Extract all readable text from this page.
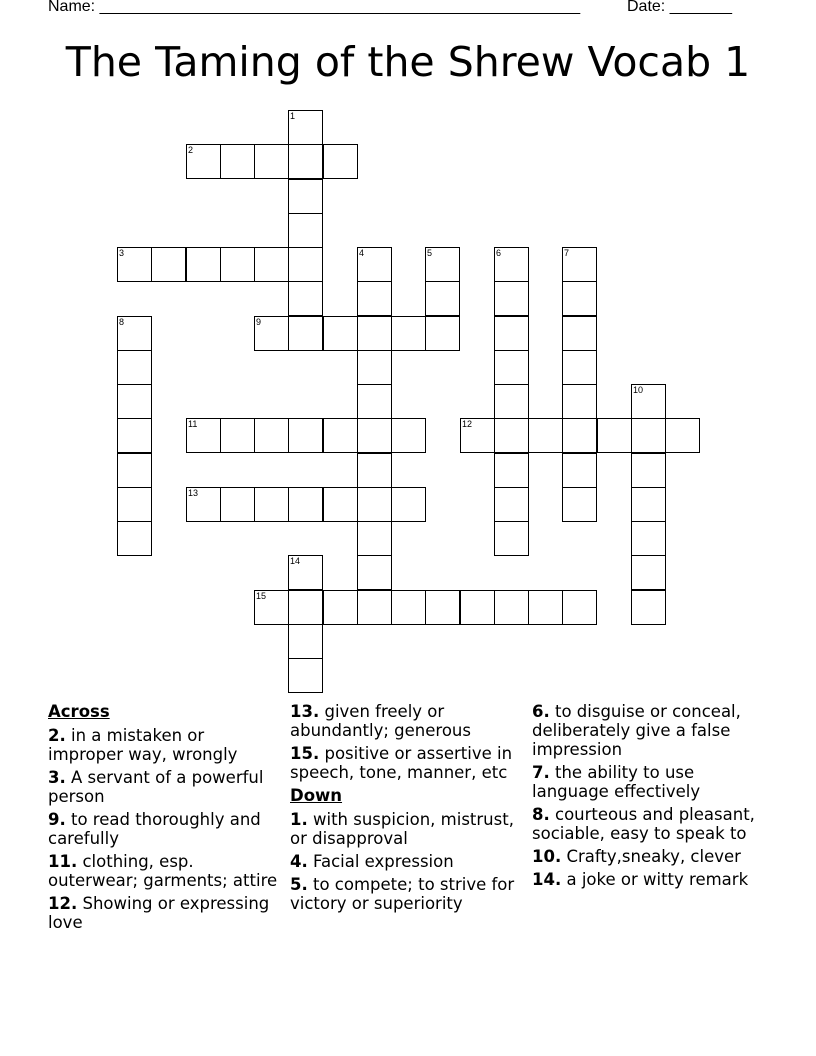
Name: ______________________________________________________	Date: _______
The Taming of the Shrew Vocab 1
1
2
3	4	5	6	7
8	9
10
11	12
13
14
15
Across
2. in a mistaken or improper way, wrongly
3. A servant of a powerful person
9. to read thoroughly and carefully
11. clothing, esp. outerwear; garments; attire
12. Showing or expressing love
13. given freely or abundantly; generous
15. positive or assertive in speech, tone, manner, etc
Down
1. with suspicion, mistrust, or disapproval
4. Facial expression
5. to compete; to strive for victory or superiority
6. to disguise or conceal, deliberately give a false impression
7. the ability to use language effectively
8. courteous and pleasant, sociable, easy to speak to
10. Crafty,sneaky, clever
14. a joke or witty remark
